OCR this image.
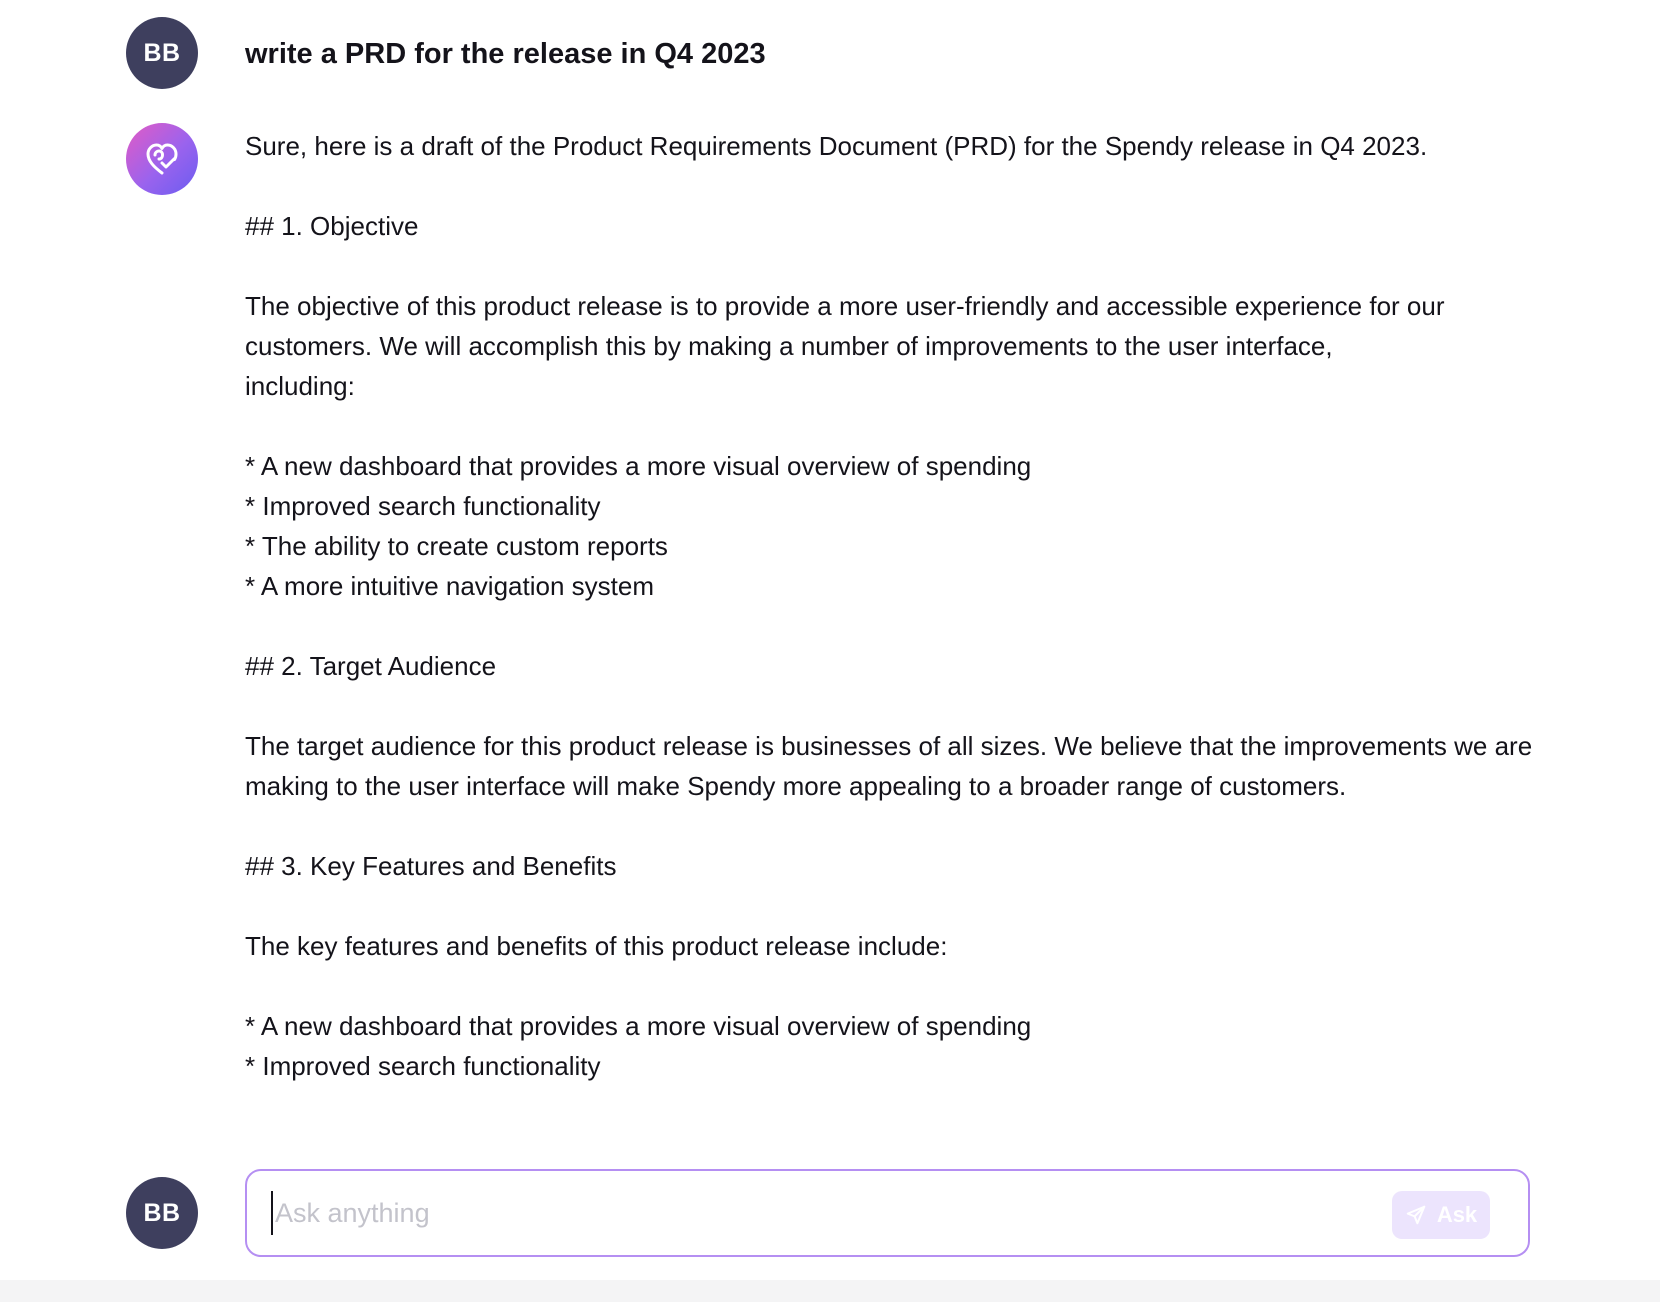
BB write a PRD for the release in Q4 2023

Sure, here is a draft of the Product Requirements Document (PRD) for the Spendy release in Q4 2023.

## 1. Objective

The objective of this product release is to provide a more user-friendly and accessible experience for our customers. We will accomplish this by making a number of improvements to the user interface, including:

* A new dashboard that provides a more visual overview of spending

* Improved search functionality

* The ability to create custom reports

* A more intuitive navigation system

## 2. Target Audience

The target audience for this product release is businesses of all sizes. We believe that the improvements we are making to the user interface will make Spendy more appealing to a broader range of customers.

## 3. Key Features and Benefits

The key features and benefits of this product release include:

* A new dashboard that provides a more visual overview of spending

* Improved search functionality

BB
Ask anything	Ask
